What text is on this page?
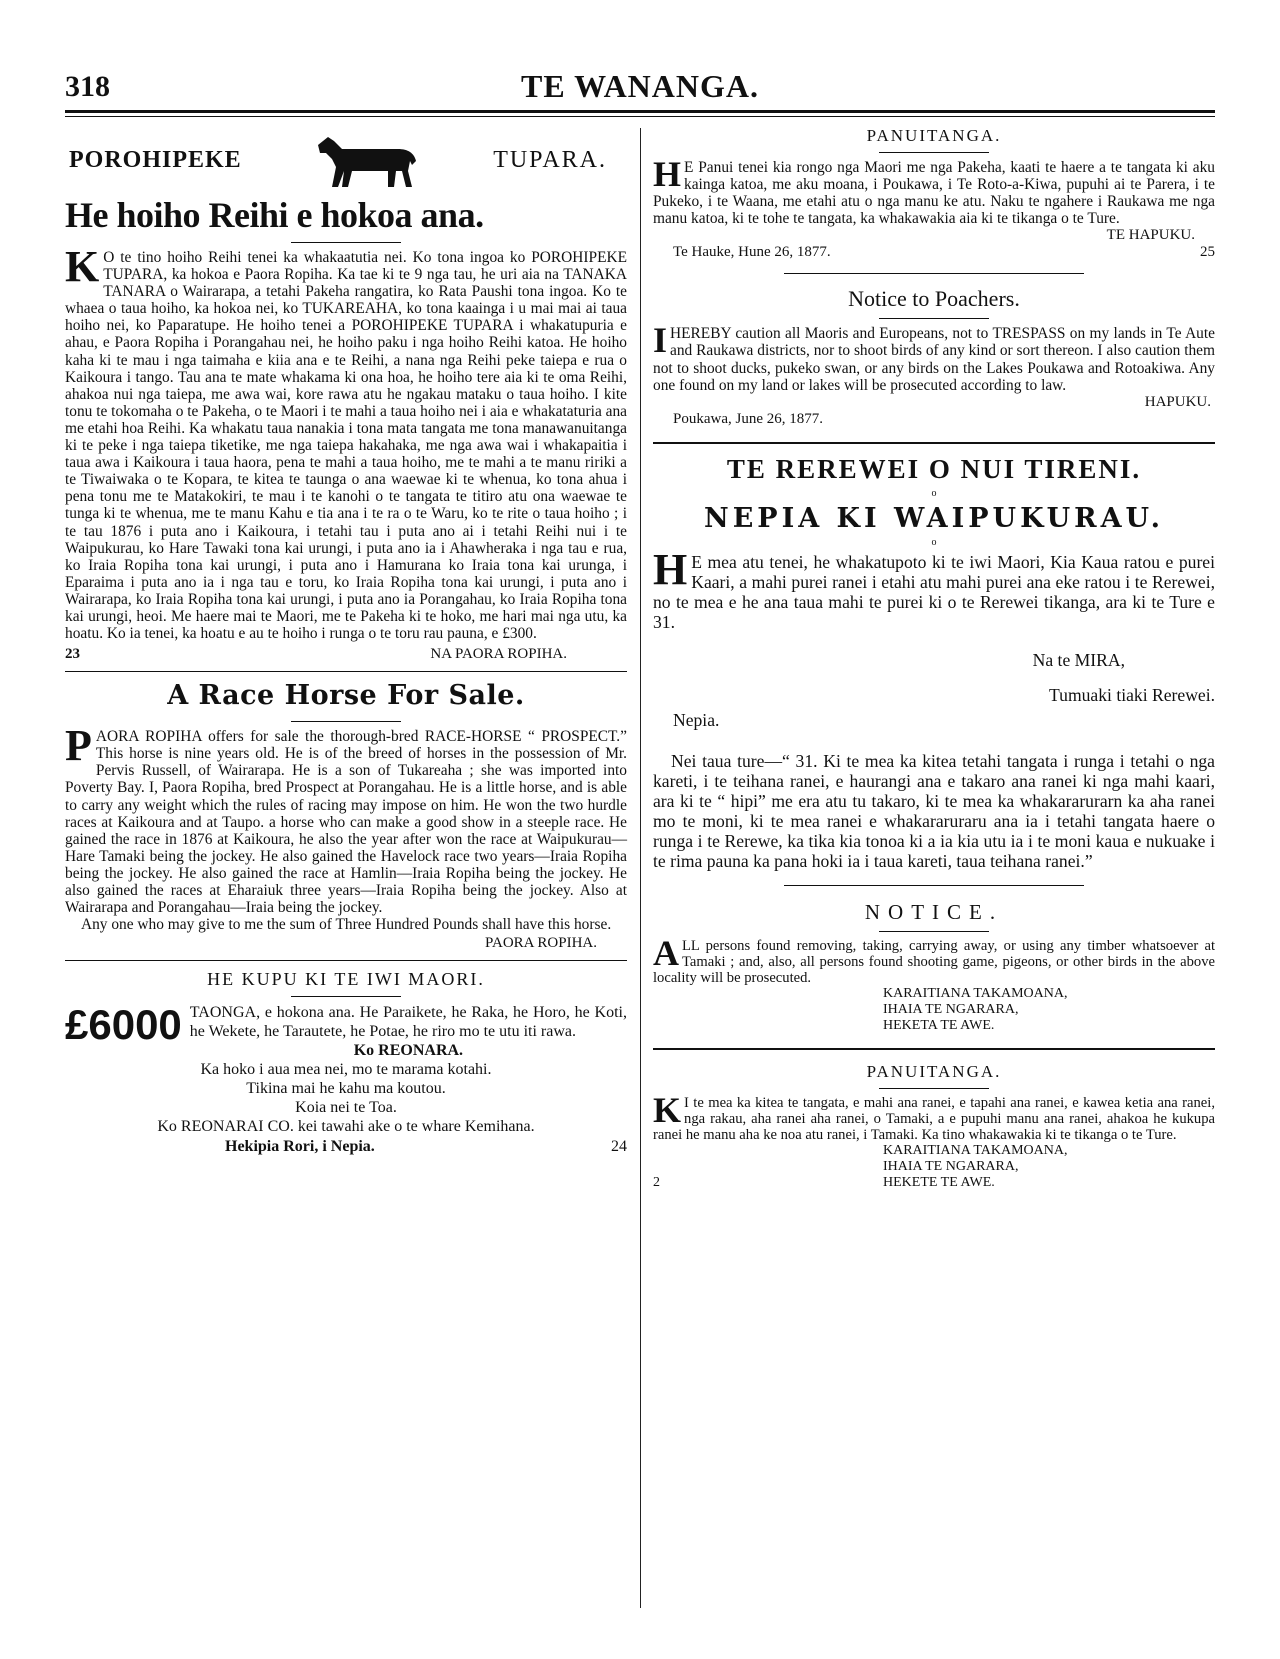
318	TE WANANGA.
POROHIPEKE	TUPARA.
He hoiho Reihi e hokoa ana.

K O te tino hoiho Reihi tenei ka whakaatutia nei. Ko tona ingoa ko POROHIPEKE TUPARA, ka hokoa e Paora Ropiha. Ka tae ki te 9 nga tau, he uri aia na TANAKA TANARA o Wairarapa, a tetahi Pakeha rangatira, ko Rata Paushi tona ingoa. Ko te whaea o taua hoiho, ka hokoa nei, ko TUKAREAHA, ko tona kaainga i u mai mai ai taua hoiho nei, ko Paparatupe. He hoiho tenei a POROHIPEKE TUPARA i whakatupuria e ahau, e Paora Ropiha i Porangahau nei, he hoiho paku i nga hoiho Reihi katoa. He hoiho kaha ki te mau i nga taimaha e kiia ana e te Reihi, a nana nga Reihi peke taiepa e rua o Kaikoura i tango. Tau ana te mate whakama ki ona hoa, he hoiho tere aia ki te oma Reihi, ahakoa nui nga taiepa, me awa wai, kore rawa atu he ngakau mataku o taua hoiho. I kite tonu te tokomaha o te Pakeha, o te Maori i te mahi a taua hoiho nei i aia e whakataturia ana me etahi hoa Reihi. Ka whakatu taua nanakia i tona mata tangata me tona manawanuitanga ki te peke i nga taiepa tiketike, me nga taiepa hakahaka, me nga awa wai i whakapaitia i taua awa i Kaikoura i taua haora, pena te mahi a taua hoiho, me te mahi a te manu ririki a te Tiwaiwaka o te Kopara, te kitea te taunga o ana waewae ki te whenua, ko tona ahua i pena tonu me te Matakokiri, te mau i te kanohi o te tangata te titiro atu ona waewae te tunga ki te whenua, me te manu Kahu e tia ana i te ra o te Waru, ko te rite o taua hoiho ; i te tau 1876 i puta ano i Kaikoura, i tetahi tau i puta ano ai i tetahi Reihi nui i te Waipukurau, ko Hare Tawaki tona kai urungi, i puta ano ia i Ahawheraka i nga tau e rua, ko Iraia Ropiha tona kai urungi, i puta ano i Hamurana ko Iraia tona kai urunga, i Eparaima i puta ano ia i nga tau e toru, ko Iraia Ropiha tona kai urungi, i puta ano i Wairarapa, ko Iraia Ropiha tona kai urungi, i puta ano ia Porangahau, ko Iraia Ropiha tona kai urungi, heoi. Me haere mai te Maori, me te Pakeha ki te hoko, me hari mai nga utu, ka hoatu. Ko ia tenei, ka hoatu e au te hoiho i runga o te toru rau pauna, e £300.

23	NA PAORA ROPIHA.
A Race Horse For Sale.

PAORA ROPIHA offers for sale the thorough-bred RACE-HORSE “ PROSPECT.” This horse is nine years old. He is of the breed of horses in the possession of Mr. Pervis Russell, of Wairarapa. He is a son of Tukareaha ; she was imported into Poverty Bay. I, Paora Ropiha, bred Prospect at Porangahau. He is a little horse, and is able to carry any weight which the rules of racing may impose on him. He won the two hurdle races at Kaikoura and at Taupo. a horse who can make a good show in a steeple race. He gained the race in 1876 at Kaikoura, he also the year after won the race at Waipukurau—Hare Tamaki being the jockey. He also gained the Havelock race two years—Iraia Ropiha being the jockey. He also gained the race at Hamlin—Iraia Ropiha being the jockey. He also gained the races at Eharaiuk three years—Iraia Ropiha being the jockey. Also at Wairarapa and Porangahau—Iraia being the jockey.

Any one who may give to me the sum of Three Hundred Pounds shall have this horse.

PAORA ROPIHA.
HE KUPU KI TE IWI MAORI.

£6000 TAONGA, e hokona ana. He Paraikete, he Raka, he Horo, he Koti, he Wekete, he Tarautete, he Potae, he riro mo te utu iti rawa.

Ko REONARA.
Ka hoko i aua mea nei, mo te marama kotahi.
Tikina mai he kahu ma koutou.
Koia nei te Toa.
Ko REONARAI CO. kei tawahi ake o te whare Kemihana.
Hekipia Rori, i Nepia.	24
PANUITANGA.

H E Panui tenei kia rongo nga Maori me nga Pakeha, kaati te haere a te tangata ki aku kainga katoa, me aku moana, i Poukawa, i Te Roto-a-Kiwa, pupuhi ai te Parera, i te Pukeko, i te Waana, me etahi atu o nga manu ke atu. Naku te ngahere i Raukawa me nga manu katoa, ki te tohe te tangata, ka whakawakia aia ki te tikanga o te Ture.

TE HAPUKU.
Te Hauke, Hune 26, 1877.	25
Notice to Poachers.

IHEREBY caution all Maoris and Europeans, not to TRESPASS on my lands in Te Aute and Raukawa districts, nor to shoot birds of any kind or sort thereon. I also caution them not to shoot ducks, pukeko swan, or any birds on the Lakes Poukawa and Rotoakiwa. Any one found on my land or lakes will be prosecuted according to law.

HAPUKU.
Poukawa, June 26, 1877.
TE REREWEI O NUI TIRENI.
o
NEPIA KI WAIPUKURAU.
o

H E mea atu tenei, he whakatupoto ki te iwi Maori, Kia Kaua ratou e purei Kaari, a mahi purei ranei i etahi atu mahi purei ana eke ratou i te Rerewei, no te mea e he ana taua mahi te purei ki o te Rerewei tikanga, ara ki te Ture e 31.

Na te MIRA,
Tumuaki tiaki Rerewei.
Nepia.

Nei taua ture—“ 31. Ki te mea ka kitea tetahi tangata i runga i tetahi o nga kareti, i te teihana ranei, e haurangi ana e takaro ana ranei ki nga mahi kaari, ara ki te “ hipi” me era atu tu takaro, ki te mea ka whakararurarn ka aha ranei mo te moni, ki te mea ranei e whakararuraru ana ia i tetahi tangata haere o runga i te Rerewe, ka tika kia tonoa ki a ia kia utu ia i te moni kaua e nukuake i te rima pauna ka pana hoki ia i taua kareti, taua teihana ranei.”

NOTICE.

ALL persons found removing, taking, carrying away, or using any timber whatsoever at Tamaki ; and, also, all persons found shooting game, pigeons, or other birds in the above locality will be prosecuted.

KARAITIANA TAKAMOANA,
IHAIA TE NGARARA,
HEKETA TE AWE.
PANUITANGA.

K I te mea ka kitea te tangata, e mahi ana ranei, e tapahi ana ranei, e kawea ketia ana ranei, nga rakau, aha ranei aha ranei, o Tamaki, a e pupuhi manu ana ranei, ahakoa he kukupa ranei he manu aha ke noa atu ranei, i Tamaki. Ka tino whakawakia ki te tikanga o te Ture.

2
KARAITIANA TAKAMOANA,
IHAIA TE NGARARA,
HEKETE TE AWE.
